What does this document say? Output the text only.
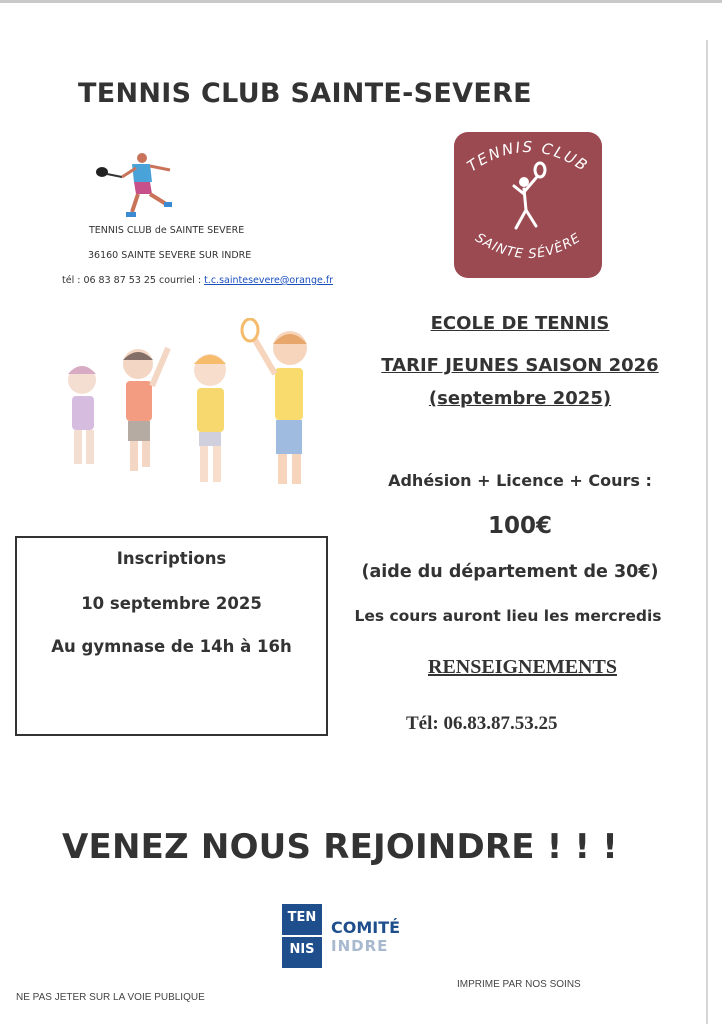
TENNIS CLUB SAINTE-SEVERE
TENNIS CLUB de SAINTE SEVERE
36160 SAINTE SEVERE SUR INDRE
tél : 06 83 87 53 25 courriel : t.c.saintesevere@orange.fr
TENNIS CLUB
SAINTE SÉVÈRE
ECOLE DE TENNIS
TARIF JEUNES SAISON 2026
(septembre 2025)
Adhésion + Licence + Cours :
100€
(aide du département de 30€)
Les cours auront lieu les mercredis
RENSEIGNEMENTS
Tél: 06.83.87.53.25
Inscriptions
10 septembre 2025
Au gymnase de 14h à 16h
VENEZ NOUS REJOINDRE ! ! !
TEN
NIS
COMITÉ
INDRE
NE PAS JETER SUR LA VOIE PUBLIQUE
IMPRIME PAR NOS SOINS
